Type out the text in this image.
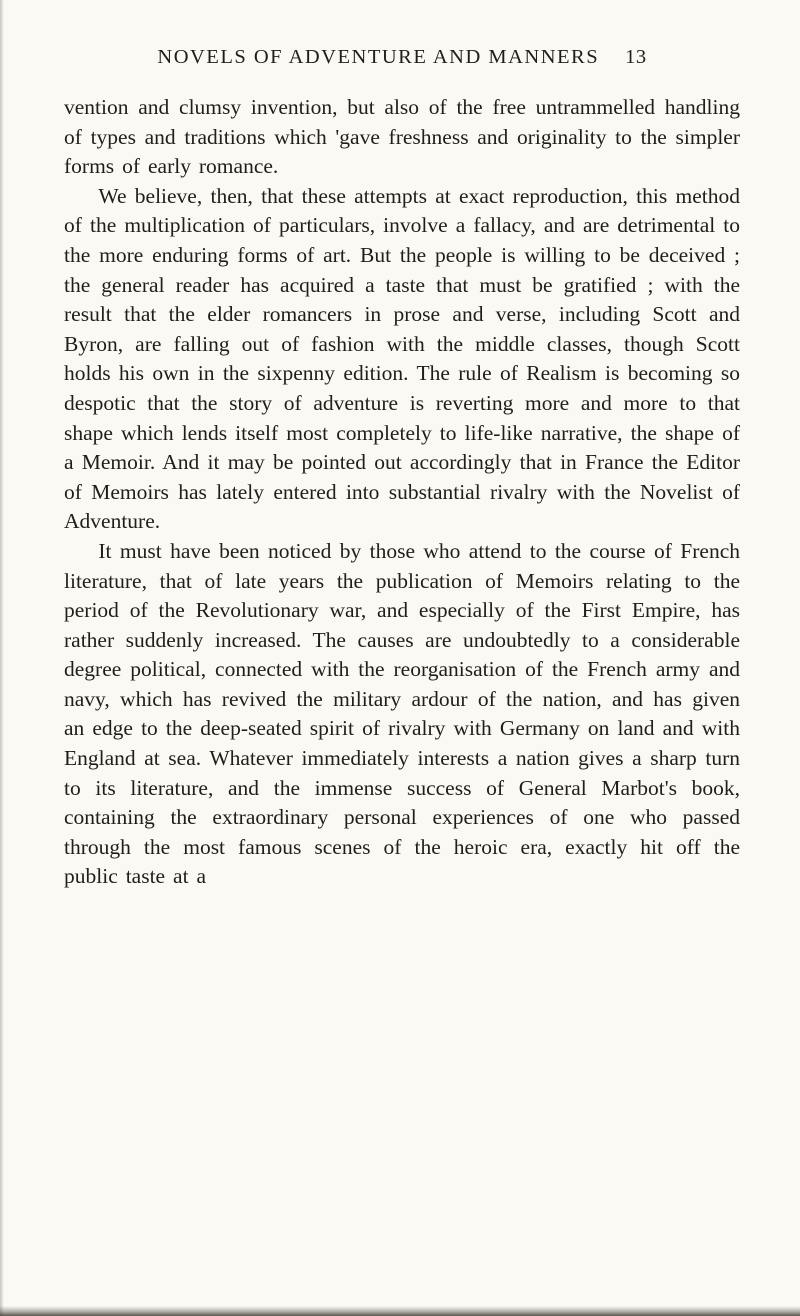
NOVELS OF ADVENTURE AND MANNERS 13

vention and clumsy invention, but also of the free untrammelled handling of types and traditions which 'gave freshness and originality to the simpler forms of early romance.

We believe, then, that these attempts at exact reproduction, this method of the multiplication of particulars, involve a fallacy, and are detrimental to the more enduring forms of art. But the people is willing to be deceived ; the general reader has acquired a taste that must be gratified ; with the result that the elder romancers in prose and verse, including Scott and Byron, are falling out of fashion with the middle classes, though Scott holds his own in the sixpenny edition. The rule of Realism is becoming so despotic that the story of adventure is reverting more and more to that shape which lends itself most completely to life-like narrative, the shape of a Memoir. And it may be pointed out accordingly that in France the Editor of Memoirs has lately entered into substantial rivalry with the Novelist of Adventure.

It must have been noticed by those who attend to the course of French literature, that of late years the publication of Memoirs relating to the period of the Revolutionary war, and especially of the First Empire, has rather suddenly increased. The causes are undoubtedly to a considerable degree political, connected with the reorganisation of the French army and navy, which has revived the military ardour of the nation, and has given an edge to the deep-seated spirit of rivalry with Germany on land and with England at sea. Whatever immediately interests a nation gives a sharp turn to its literature, and the immense success of General Marbot's book, containing the extraordinary personal experiences of one who passed through the most famous scenes of the heroic era, exactly hit off the public taste at a
